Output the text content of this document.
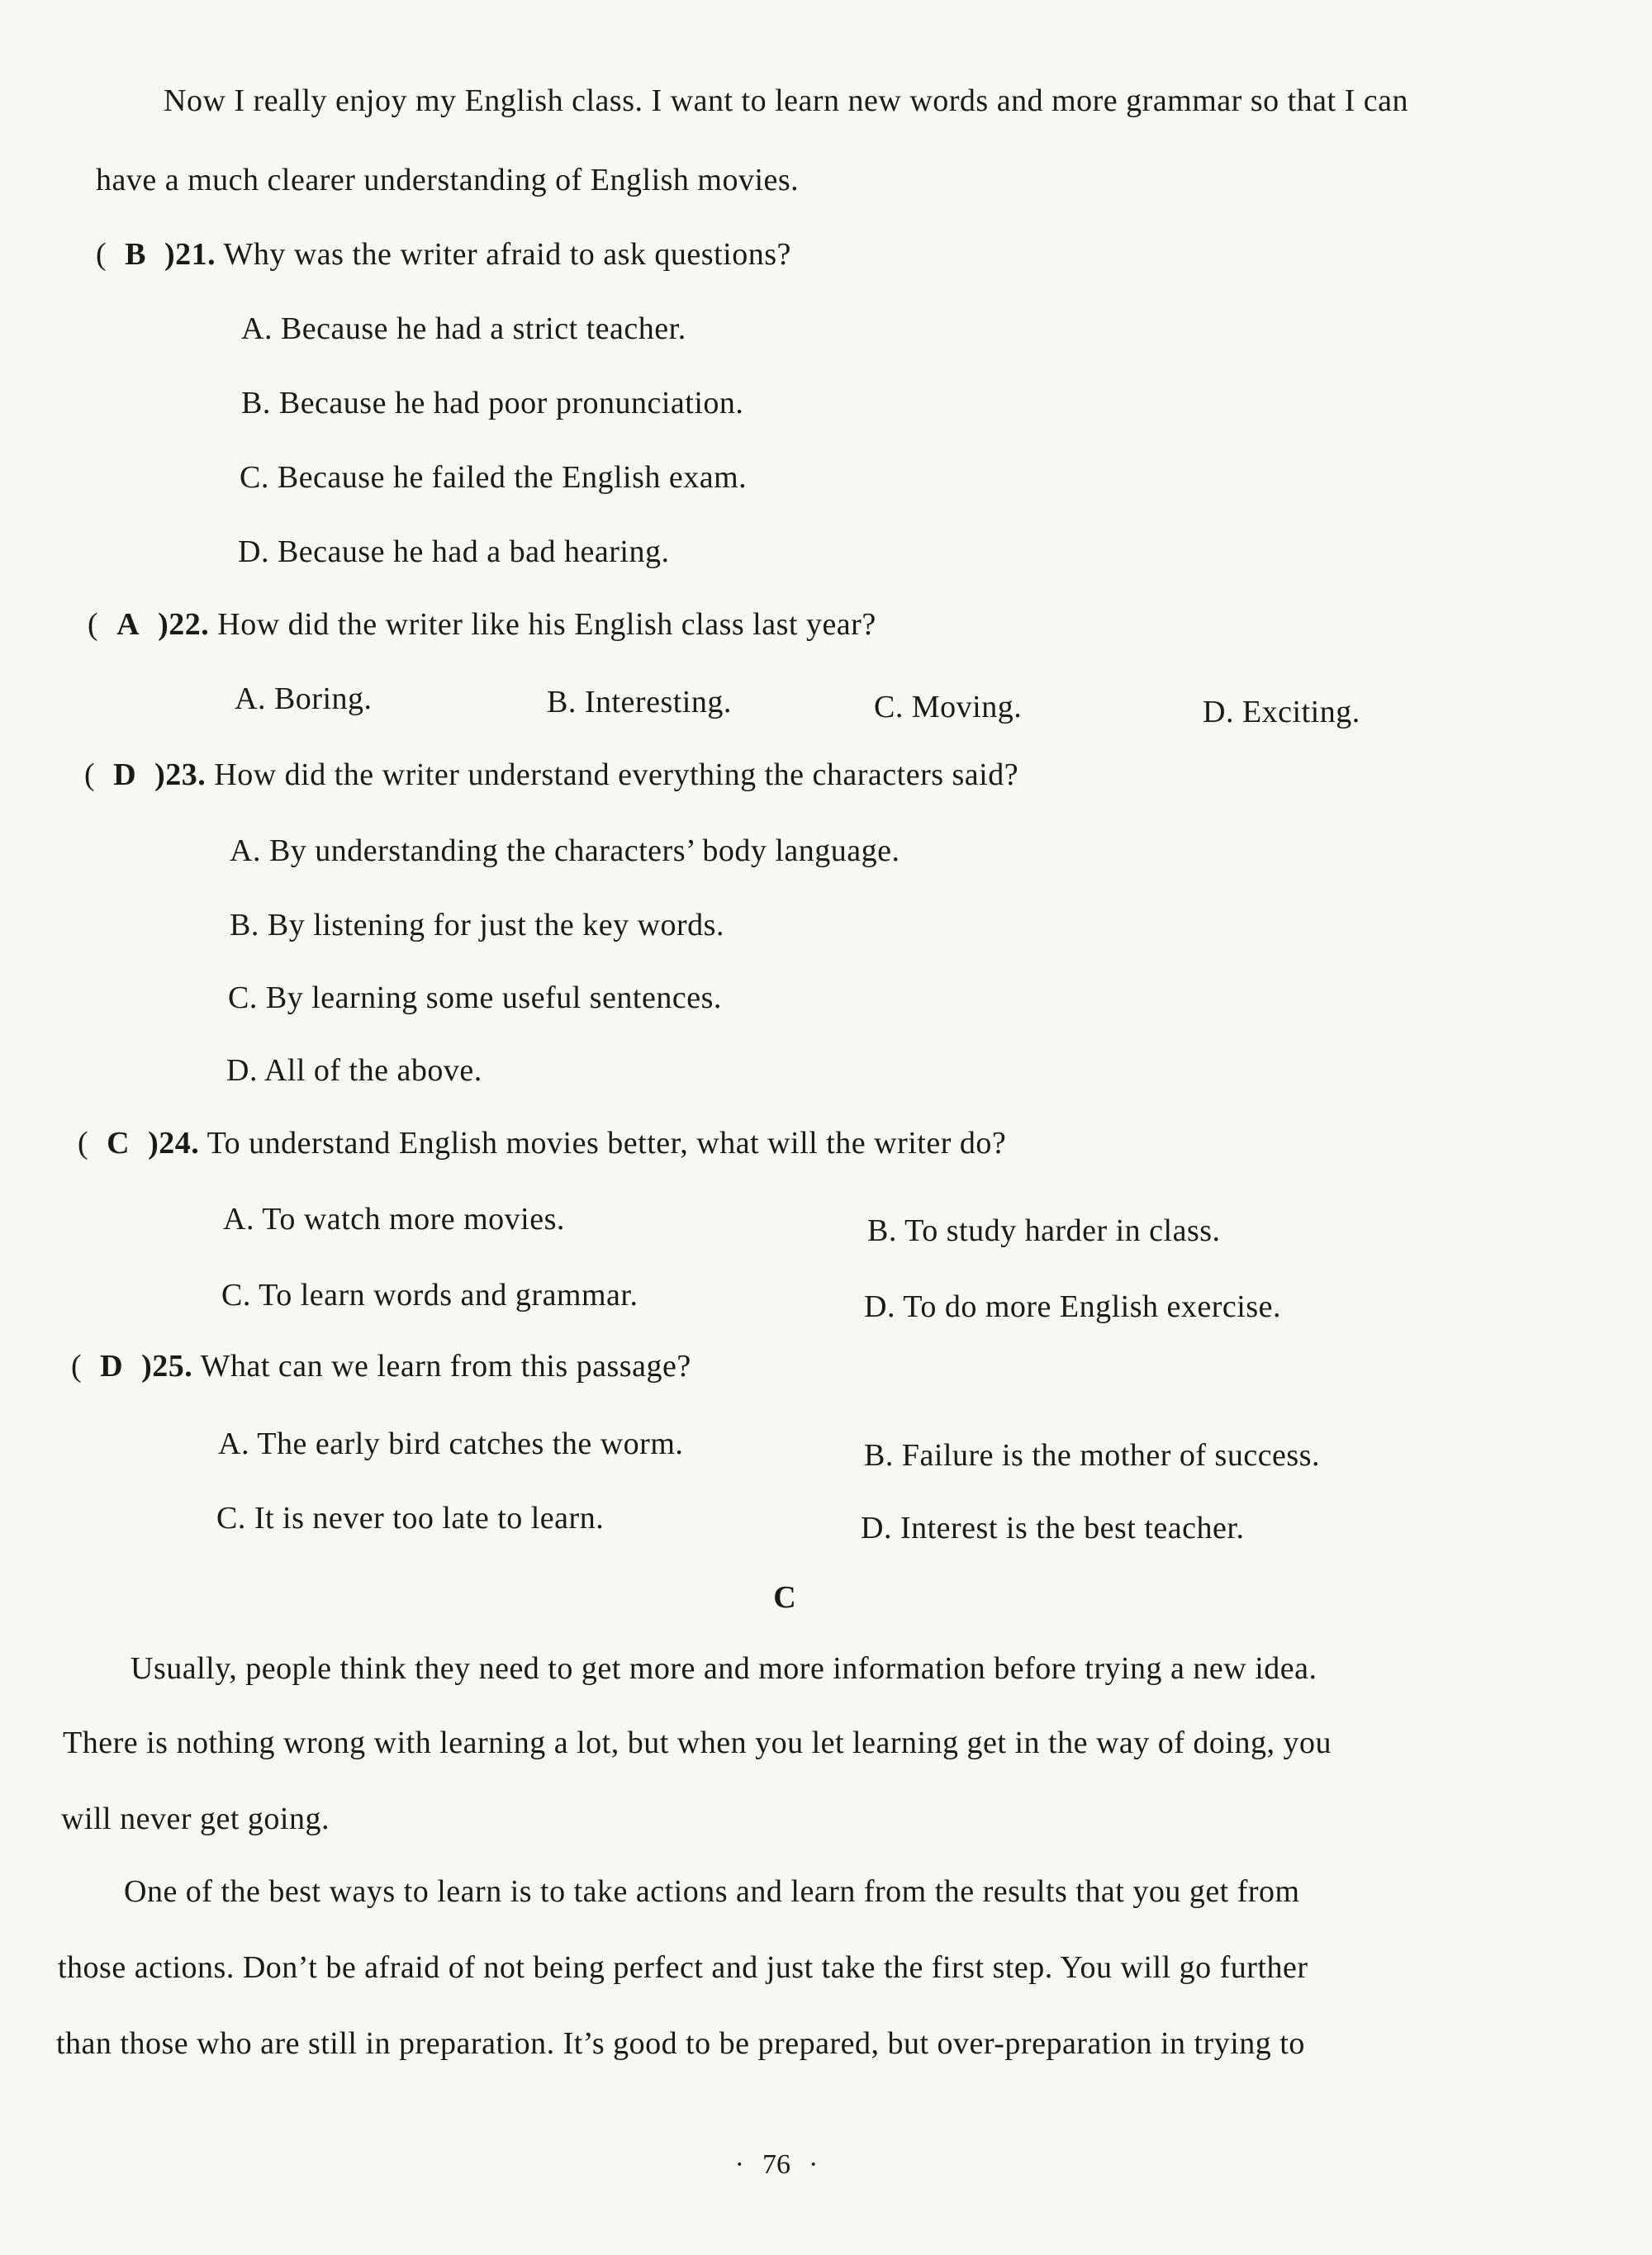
Now I really enjoy my English class. I want to learn new words and more grammar so that I can
have a much clearer understanding of English movies.
( B )21. Why was the writer afraid to ask questions?
A. Because he had a strict teacher.
B. Because he had poor pronunciation.
C. Because he failed the English exam.
D. Because he had a bad hearing.
( A )22. How did the writer like his English class last year?
A. Boring.	B. Interesting.	C. Moving.	D. Exciting.
( D )23. How did the writer understand everything the characters said?
A. By understanding the characters’ body language.
B. By listening for just the key words.
C. By learning some useful sentences.
D. All of the above.
( C )24. To understand English movies better, what will the writer do?
A. To watch more movies.	B. To study harder in class.
C. To learn words and grammar.	D. To do more English exercise.
( D )25. What can we learn from this passage?
A. The early bird catches the worm.	B. Failure is the mother of success.
C. It is never too late to learn.	D. Interest is the best teacher.
C
Usually, people think they need to get more and more information before trying a new idea.
There is nothing wrong with learning a lot, but when you let learning get in the way of doing, you
will never get going.
One of the best ways to learn is to take actions and learn from the results that you get from
those actions. Don’t be afraid of not being perfect and just take the first step. You will go further
than those who are still in preparation. It’s good to be prepared, but over-preparation in trying to
· 76 ·
